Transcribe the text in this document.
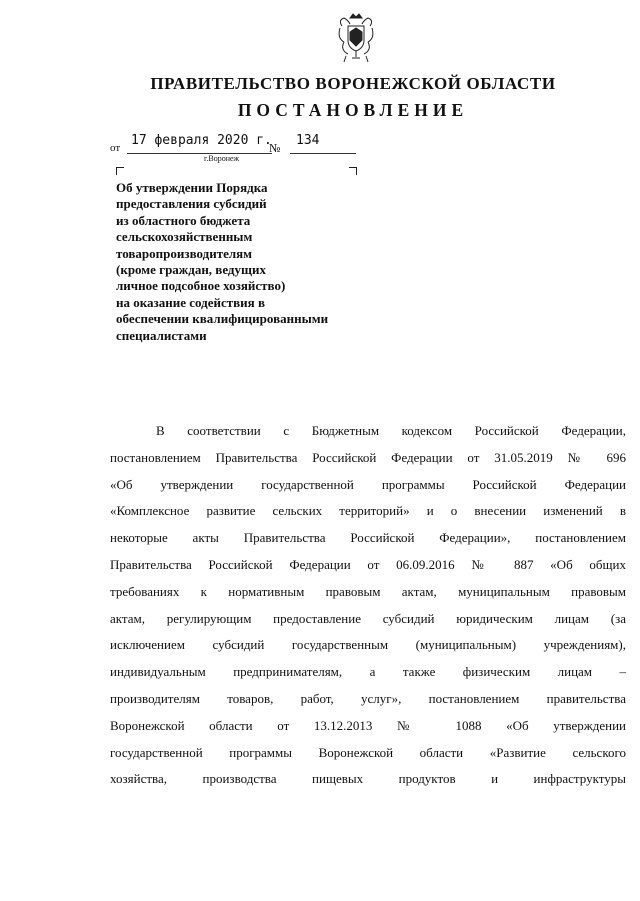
ПРАВИТЕЛЬСТВО ВОРОНЕЖСКОЙ ОБЛАСТИ
ПОСТАНОВЛЕНИЕ
от 17 февраля 2020 г.
№ 134
г.Воронеж
Об утверждении Порядка
предоставления субсидий
из областного бюджета
сельскохозяйственным
товаропроизводителям
(кроме граждан, ведущих
личное подсобное хозяйство)
на оказание содействия в
обеспечении квалифицированными
специалистами
В соответствии с Бюджетным кодексом Российской Федерации,
постановлением Правительства Российской Федерации от 31.05.2019 № 696
«Об утверждении государственной программы Российской Федерации
«Комплексное развитие сельских территорий» и о внесении изменений в
некоторые акты Правительства Российской Федерации», постановлением
Правительства Российской Федерации от 06.09.2016 № 887 «Об общих
требованиях к нормативным правовым актам, муниципальным правовым
актам, регулирующим предоставление субсидий юридическим лицам (за
исключением субсидий государственным (муниципальным) учреждениям),
индивидуальным предпринимателям, а также физическим лицам –
производителям товаров, работ, услуг», постановлением правительства
Воронежской области от 13.12.2013 № 1088 «Об утверждении
государственной программы Воронежской области «Развитие сельского
хозяйства, производства пищевых продуктов и инфраструктуры
